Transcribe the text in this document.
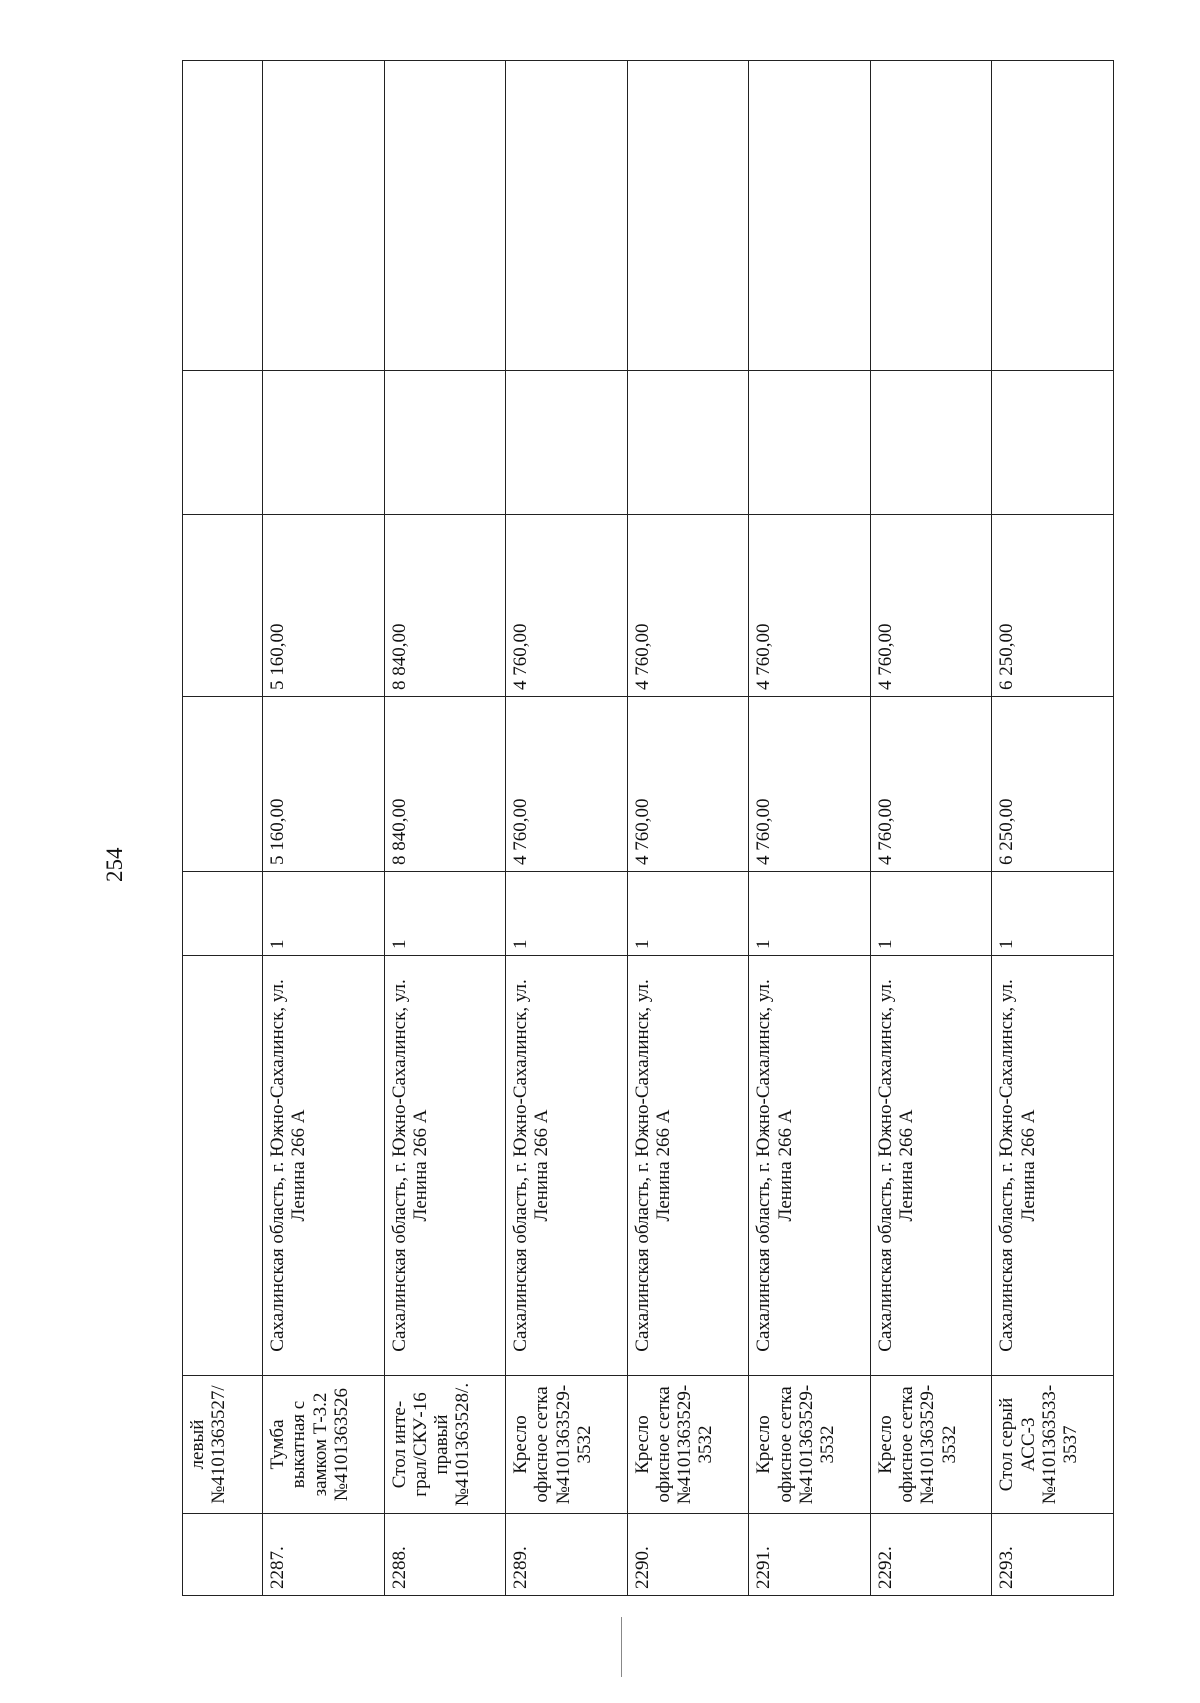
254
	левый №4101363527/						
2287.	Тумба выкатная с замком Т-3.2 №4101363526	Сахалинская область, г. Южно-Сахалинск, ул. Ленина 266 А	1	5 160,00	5 160,00		
2288.	Стол инте-грал/СКУ-16 правый №4101363528/.	Сахалинская область, г. Южно-Сахалинск, ул. Ленина 266 А	1	8 840,00	8 840,00		
2289.	Кресло офисное сетка №4101363529-3532	Сахалинская область, г. Южно-Сахалинск, ул. Ленина 266 А	1	4 760,00	4 760,00		
2290.	Кресло офисное сетка №4101363529-3532	Сахалинская область, г. Южно-Сахалинск, ул. Ленина 266 А	1	4 760,00	4 760,00		
2291.	Кресло офисное сетка №4101363529-3532	Сахалинская область, г. Южно-Сахалинск, ул. Ленина 266 А	1	4 760,00	4 760,00		
2292.	Кресло офисное сетка №4101363529-3532	Сахалинская область, г. Южно-Сахалинск, ул. Ленина 266 А	1	4 760,00	4 760,00		
2293.	Стол серый АСС-3 №4101363533-3537	Сахалинская область, г. Южно-Сахалинск, ул. Ленина 266 А	1	6 250,00	6 250,00		
